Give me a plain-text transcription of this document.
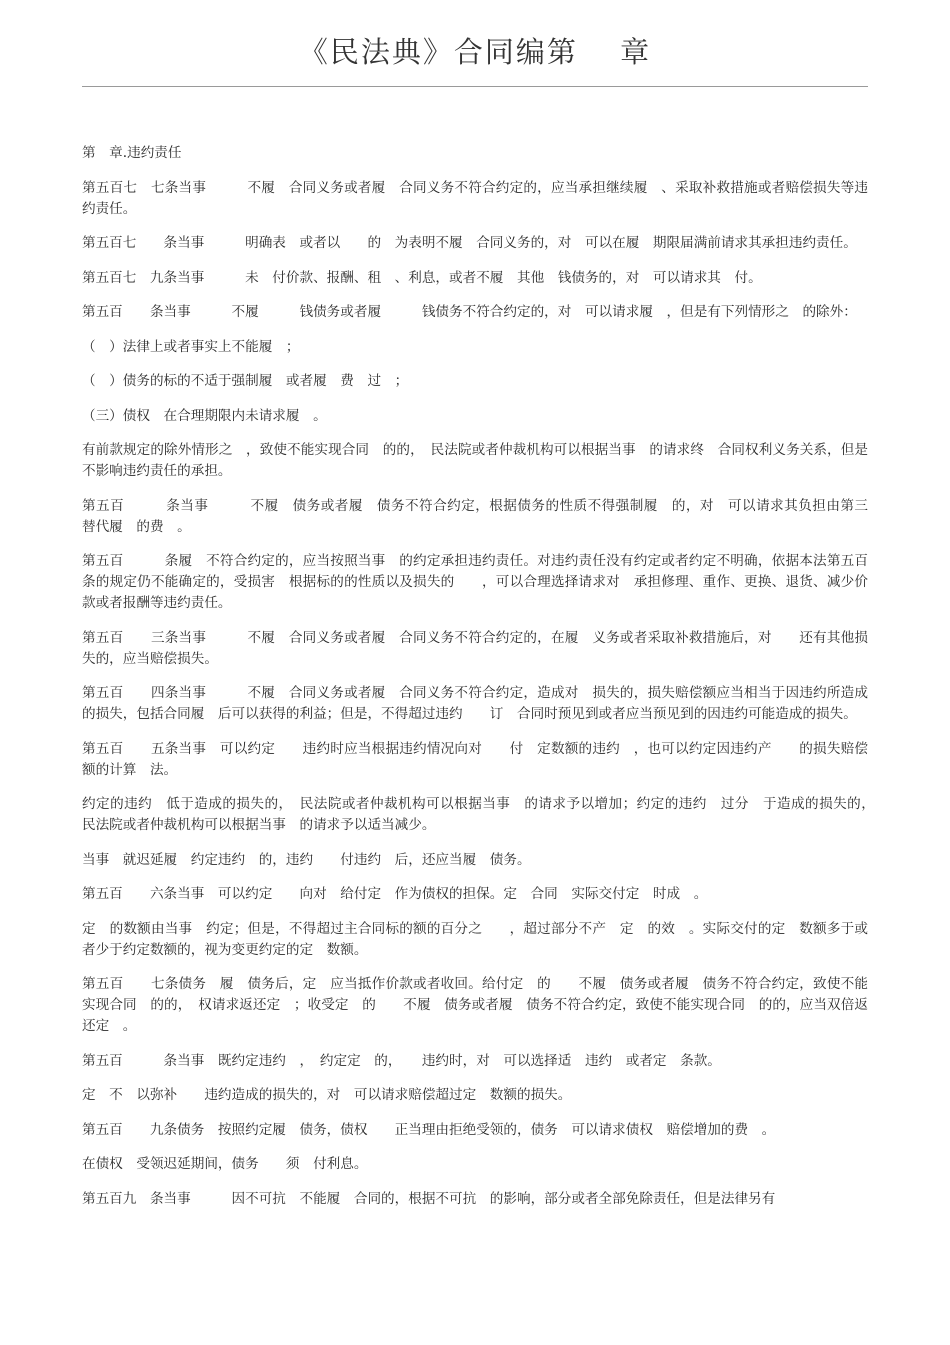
《民法典》合同编第　 章

第　章.违约责任

第五百七　七条当事　　　不履　合同义务或者履　合同义务不符合约定的，应当承担继续履　、采取补救措施或者赔偿损失等违约责任。

第五百七　　条当事　　　明确表　或者以　　的　为表明不履　合同义务的，对　可以在履　期限届满前请求其承担违约责任。

第五百七　九条当事　　　未　付价款、报酬、租　、利息，或者不履　其他　钱债务的，对　可以请求其　付。

第五百　　条当事　　　不履　　　钱债务或者履　　　钱债务不符合约定的，对　可以请求履　，但是有下列情形之　的除外：

（　）法律上或者事实上不能履　；

（　）债务的标的不适于强制履　或者履　费　过　；

（三）债权　在合理期限内未请求履　。

有前款规定的除外情形之　，致使不能实现合同　的的，　民法院或者仲裁机构可以根据当事　的请求终　合同权利义务关系，但是不影响违约责任的承担。

第五百　　　条当事　　　不履　债务或者履　债务不符合约定，根据债务的性质不得强制履　的，对　可以请求其负担由第三　替代履　的费　。

第五百　　　条履　不符合约定的，应当按照当事　的约定承担违约责任。对违约责任没有约定或者约定不明确，依据本法第五百　　条的规定仍不能确定的，受损害　根据标的的性质以及损失的　　，可以合理选择请求对　承担修理、重作、更换、退货、减少价款或者报酬等违约责任。

第五百　　三条当事　　　不履　合同义务或者履　合同义务不符合约定的，在履　义务或者采取补救措施后，对　　还有其他损失的，应当赔偿损失。

第五百　　四条当事　　　不履　合同义务或者履　合同义务不符合约定，造成对　损失的，损失赔偿额应当相当于因违约所造成的损失，包括合同履　后可以获得的利益；但是，不得超过违约　　订　合同时预见到或者应当预见到的因违约可能造成的损失。

第五百　　五条当事　可以约定　　违约时应当根据违约情况向对　　付　定数额的违约　，也可以约定因违约产　　的损失赔偿额的计算　法。

约定的违约　低于造成的损失的，　民法院或者仲裁机构可以根据当事　的请求予以增加；约定的违约　过分　于造成的损失的，　民法院或者仲裁机构可以根据当事　的请求予以适当减少。

当事　就迟延履　约定违约　的，违约　　付违约　后，还应当履　债务。

第五百　　六条当事　可以约定　　向对　给付定　作为债权的担保。定　合同　实际交付定　时成　。

定　的数额由当事　约定；但是，不得超过主合同标的额的百分之　　，超过部分不产　定　的效　。实际交付的定　数额多于或者少于约定数额的，视为变更约定的定　数额。

第五百　　七条债务　履　债务后，定　应当抵作价款或者收回。给付定　的　　不履　债务或者履　债务不符合约定，致使不能实现合同　的的，　权请求返还定　；收受定　的　　不履　债务或者履　债务不符合约定，致使不能实现合同　的的，应当双倍返还定　。

第五百　　　条当事　既约定违约　，　约定定　的，　　违约时，对　可以选择适　违约　或者定　条款。

定　不　以弥补　　违约造成的损失的，对　可以请求赔偿超过定　数额的损失。

第五百　　九条债务　按照约定履　债务，债权　　正当理由拒绝受领的，债务　可以请求债权　赔偿增加的费　。

在债权　受领迟延期间，债务　　须　付利息。

第五百九　条当事　　　因不可抗　不能履　合同的，根据不可抗　的影响，部分或者全部免除责任，但是法律另有
